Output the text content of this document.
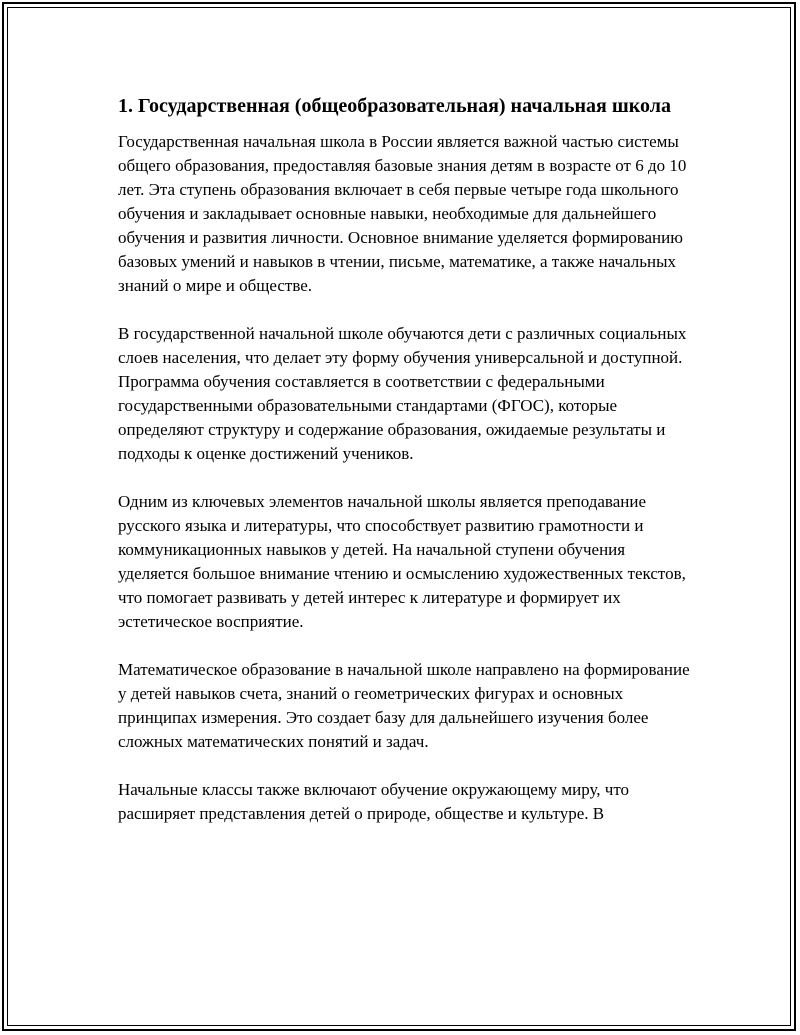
1. Государственная (общеобразовательная) начальная школа

Государственная начальная школа в России является важной частью системы общего образования, предоставляя базовые знания детям в возрасте от 6 до 10 лет. Эта ступень образования включает в себя первые четыре года школьного обучения и закладывает основные навыки, необходимые для дальнейшего обучения и развития личности. Основное внимание уделяется формированию базовых умений и навыков в чтении, письме, математике, а также начальных знаний о мире и обществе.

В государственной начальной школе обучаются дети с различных социальных слоев населения, что делает эту форму обучения универсальной и доступной. Программа обучения составляется в соответствии с федеральными государственными образовательными стандартами (ФГОС), которые определяют структуру и содержание образования, ожидаемые результаты и подходы к оценке достижений учеников.

Одним из ключевых элементов начальной школы является преподавание русского языка и литературы, что способствует развитию грамотности и коммуникационных навыков у детей. На начальной ступени обучения уделяется большое внимание чтению и осмыслению художественных текстов, что помогает развивать у детей интерес к литературе и формирует их эстетическое восприятие.

Математическое образование в начальной школе направлено на формирование у детей навыков счета, знаний о геометрических фигурах и основных принципах измерения. Это создает базу для дальнейшего изучения более сложных математических понятий и задач.

Начальные классы также включают обучение окружающему миру, что расширяет представления детей о природе, обществе и культуре. В
